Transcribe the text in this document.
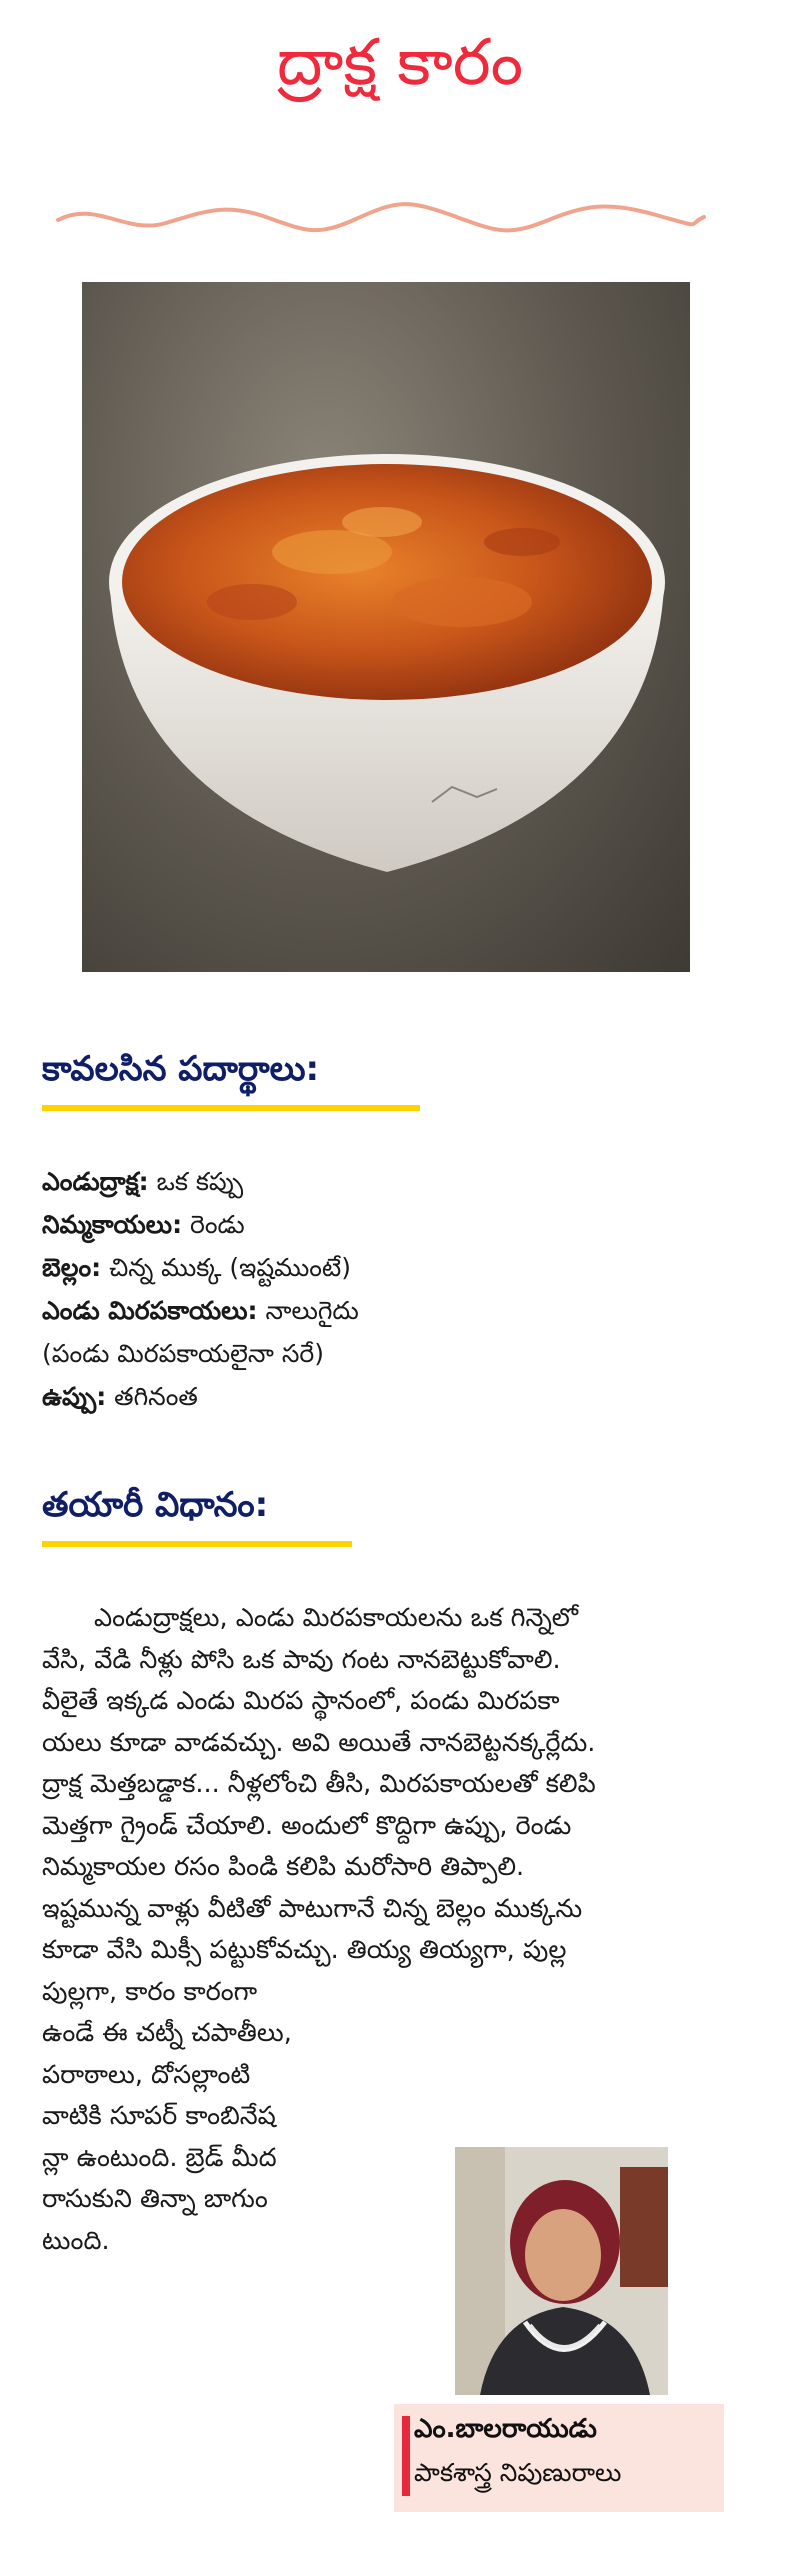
ద్రాక్ష కారం
కావలసిన పదార్థాలు:
ఎండుద్రాక్ష: ఒక కప్పు
నిమ్మకాయలు: రెండు
బెల్లం: చిన్న ముక్క (ఇష్టముంటే)
ఎండు మిరపకాయలు: నాలుగైదు
(పండు మిరపకాయలైనా సరే)
ఉప్పు: తగినంత
తయారీ విధానం:
ఎండుద్రాక్షలు, ఎండు మిరపకాయలను ఒక గిన్నెలో
వేసి, వేడి నీళ్లు పోసి ఒక పావు గంట నానబెట్టుకోవాలి.
వీలైతే ఇక్కడ ఎండు మిరప స్థానంలో, పండు మిరపకా
యలు కూడా వాడవచ్చు. అవి అయితే నానబెట్టనక్కర్లేదు.
ద్రాక్ష మెత్తబడ్డాక... నీళ్లలోంచి తీసి, మిరపకాయలతో కలిపి
మెత్తగా గ్రైండ్ చేయాలి. అందులో కొద్దిగా ఉప్పు, రెండు
నిమ్మకాయల రసం పిండి కలిపి మరోసారి తిప్పాలి.
ఇష్టమున్న వాళ్లు వీటితో పాటుగానే చిన్న బెల్లం ముక్కను
కూడా వేసి మిక్సీ పట్టుకోవచ్చు. తియ్య తియ్యగా, పుల్ల
పుల్లగా, కారం కారంగా
ఉండే ఈ చట్నీ చపాతీలు,
పరాఠాలు, దోసల్లాంటి
వాటికి సూపర్ కాంబినేష
న్లా ఉంటుంది. బ్రెడ్ మీద
రాసుకుని తిన్నా బాగుం
టుంది.
ఎం.బాలరాయుడు
పాకశాస్త్ర నిపుణురాలు
